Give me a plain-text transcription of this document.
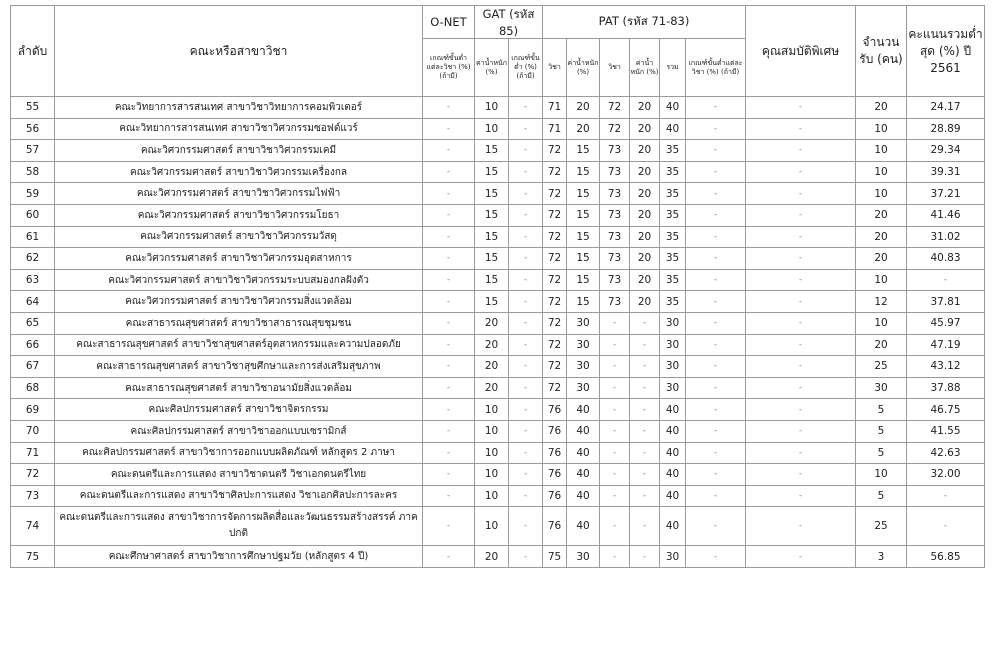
ลำดับ	คณะหรือสาขาวิชา	O-NET	GAT (รหัส 85)		PAT (รหัส 71-83)						คุณสมบัติพิเศษ	จำนวนรับ (คน)	คะแนนรวมต่ำสุด (%) ปี 2561
		เกณฑ์ขั้นต่ำแต่ละวิชา (%) (ถ้ามี)	ค่าน้ำหนัก (%)	เกณฑ์ขั้นต่ำ (%) (ถ้ามี)	วิชา	ค่าน้ำหนัก (%)	วิชา	ค่าน้ำหนัก (%)	รวม	เกณฑ์ขั้นต่ำแต่ละวิชา (%) (ถ้ามี)			
55	คณะวิทยาการสารสนเทศ สาขาวิชาวิทยาการคอมพิวเตอร์	-	10	-	71	20	72	20	40	-	-	20	24.17
56	คณะวิทยาการสารสนเทศ สาขาวิชาวิศวกรรมซอฟต์แวร์	-	10	-	71	20	72	20	40	-	-	10	28.89
57	คณะวิศวกรรมศาสตร์ สาขาวิชาวิศวกรรมเคมี	-	15	-	72	15	73	20	35	-	-	10	29.34
58	คณะวิศวกรรมศาสตร์ สาขาวิชาวิศวกรรมเครื่องกล	-	15	-	72	15	73	20	35	-	-	10	39.31
59	คณะวิศวกรรมศาสตร์ สาขาวิชาวิศวกรรมไฟฟ้า	-	15	-	72	15	73	20	35	-	-	10	37.21
60	คณะวิศวกรรมศาสตร์ สาขาวิชาวิศวกรรมโยธา	-	15	-	72	15	73	20	35	-	-	20	41.46
61	คณะวิศวกรรมศาสตร์ สาขาวิชาวิศวกรรมวัสดุ	-	15	-	72	15	73	20	35	-	-	20	31.02
62	คณะวิศวกรรมศาสตร์ สาขาวิชาวิศวกรรมอุตสาหการ	-	15	-	72	15	73	20	35	-	-	20	40.83
63	คณะวิศวกรรมศาสตร์ สาขาวิชาวิศวกรรมระบบสมองกลฝังตัว	-	15	-	72	15	73	20	35	-	-	10	-
64	คณะวิศวกรรมศาสตร์ สาขาวิชาวิศวกรรมสิ่งแวดล้อม	-	15	-	72	15	73	20	35	-	-	12	37.81
65	คณะสาธารณสุขศาสตร์ สาขาวิชาสาธารณสุขชุมชน	-	20	-	72	30	-	-	30	-	-	10	45.97
66	คณะสาธารณสุขศาสตร์ สาขาวิชาสุขศาสตร์อุตสาหกรรมและความปลอดภัย	-	20	-	72	30	-	-	30	-	-	20	47.19
67	คณะสาธารณสุขศาสตร์ สาขาวิชาสุขศึกษาและการส่งเสริมสุขภาพ	-	20	-	72	30	-	-	30	-	-	25	43.12
68	คณะสาธารณสุขศาสตร์ สาขาวิชาอนามัยสิ่งแวดล้อม	-	20	-	72	30	-	-	30	-	-	30	37.88
69	คณะศิลปกรรมศาสตร์ สาขาวิชาจิตรกรรม	-	10	-	76	40	-	-	40	-	-	5	46.75
70	คณะศิลปกรรมศาสตร์ สาขาวิชาออกแบบเซรามิกส์	-	10	-	76	40	-	-	40	-	-	5	41.55
71	คณะศิลปกรรมศาสตร์ สาขาวิชาการออกแบบผลิตภัณฑ์ หลักสูตร 2 ภาษา	-	10	-	76	40	-	-	40	-	-	5	42.63
72	คณะดนตรีและการแสดง สาขาวิชาดนตรี วิชาเอกดนตรีไทย	-	10	-	76	40	-	-	40	-	-	10	32.00
73	คณะดนตรีและการแสดง สาขาวิชาศิลปะการแสดง วิชาเอกศิลปะการละคร	-	10	-	76	40	-	-	40	-	-	5	-
74	คณะดนตรีและการแสดง สาขาวิชาการจัดการผลิตสื่อและวัฒนธรรมสร้างสรรค์ ภาคปกติ	-	10	-	76	40	-	-	40	-	-	25	-
75	คณะศึกษาศาสตร์ สาขาวิชาการศึกษาปฐมวัย (หลักสูตร 4 ปี)	-	20	-	75	30	-	-	30	-	-	3	56.85
